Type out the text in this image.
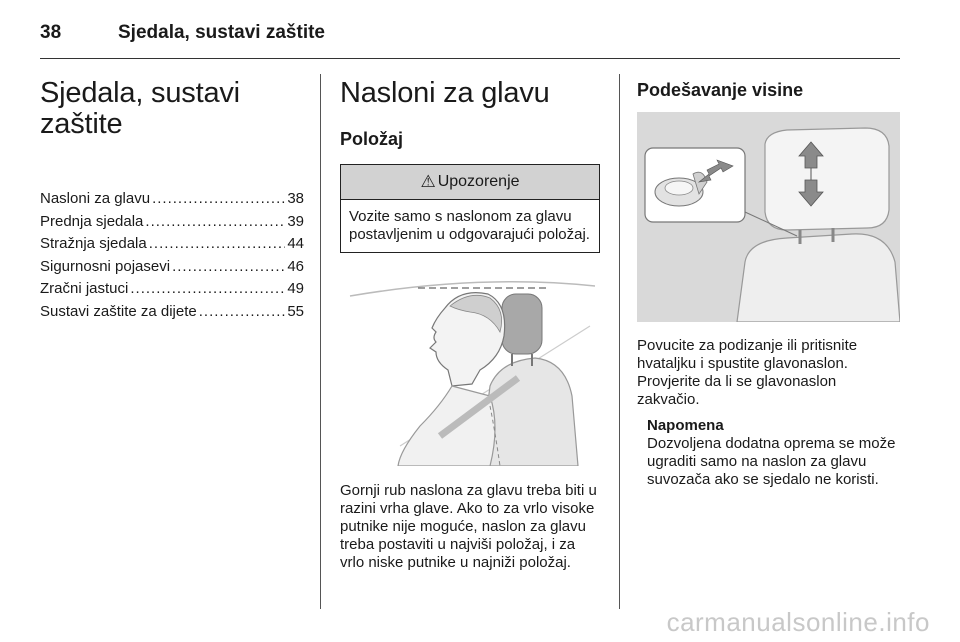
38	Sjedala, sustavi zaštite
Sjedala, sustavi zaštite
Nasloni za glavu .....	38
Prednja sjedala .....	39
Stražnja sjedala .....	44
Sigurnosni pojasevi .....	46
Zračni jastuci .....	49
Sustavi zaštite za dijete .....	55
Nasloni za glavu
Položaj
⚠ Upozorenje
Vozite samo s naslonom za glavu postavljenim u odgovarajući položaj.

Gornji rub naslona za glavu treba biti u razini vrha glave. Ako to za vrlo visoke putnike nije moguće, naslon za glavu treba postaviti u najviši položaj, i za vrlo niske putnike u najniži položaj.

Podešavanje visine

Povucite za podizanje ili pritisnite hvataljku i spustite glavonaslon. Provjerite da li se glavonaslon zakvačio.

Napomena
Dozvoljena dodatna oprema se može ugraditi samo na naslon za glavu suvozača ako se sjedalo ne koristi.
carmanualsonline.info
